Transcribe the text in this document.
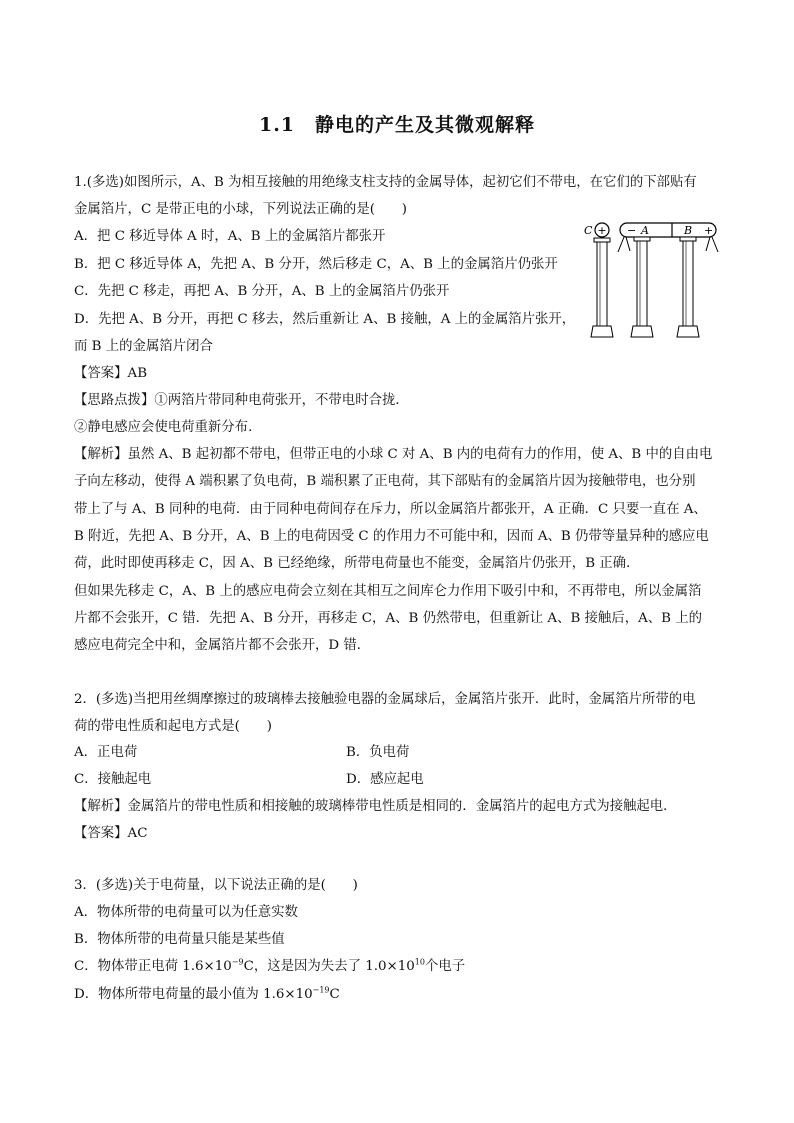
1.1　静电的产生及其微观解释
1.(多选)如图所示，A、B 为相互接触的用绝缘支柱支持的金属导体，起初它们不带电，在它们的下部贴有
金属箔片，C 是带正电的小球，下列说法正确的是(　　)
A．把 C 移近导体 A 时，A、B 上的金属箔片都张开
B．把 C 移近导体 A，先把 A、B 分开，然后移走 C，A、B 上的金属箔片仍张开
C．先把 C 移走，再把 A、B 分开，A、B 上的金属箔片仍张开
D．先把 A、B 分开，再把 C 移去，然后重新让 A、B 接触，A 上的金属箔片张开，
而 B 上的金属箔片闭合
【答案】AB
【思路点拨】①两箔片带同种电荷张开，不带电时合拢．
②静电感应会使电荷重新分布．
【解析】虽然 A、B 起初都不带电，但带正电的小球 C 对 A、B 内的电荷有力的作用，使 A、B 中的自由电
子向左移动，使得 A 端积累了负电荷，B 端积累了正电荷，其下部贴有的金属箔片因为接触带电，也分别
带上了与 A、B 同种的电荷．由于同种电荷间存在斥力，所以金属箔片都张开，A 正确．C 只要一直在 A、
B 附近，先把 A、B 分开，A、B 上的电荷因受 C 的作用力不可能中和，因而 A、B 仍带等量异种的感应电
荷，此时即使再移走 C，因 A、B 已经绝缘，所带电荷量也不能变，金属箔片仍张开，B 正确．
但如果先移走 C，A、B 上的感应电荷会立刻在其相互之间库仑力作用下吸引中和，不再带电，所以金属箔
片都不会张开，C 错．先把 A、B 分开，再移走 C，A、B 仍然带电，但重新让 A、B 接触后，A、B 上的
感应电荷完全中和，金属箔片都不会张开，D 错．
+
C	− A	B +
2．(多选)当把用丝绸摩擦过的玻璃棒去接触验电器的金属球后，金属箔片张开．此时，金属箔片所带的电
荷的带电性质和起电方式是(　　)
A．正电荷	B．负电荷
C．接触起电	D．感应起电
【解析】金属箔片的带电性质和相接触的玻璃棒带电性质是相同的．金属箔片的起电方式为接触起电．
【答案】AC
3．(多选)关于电荷量，以下说法正确的是(　　)
A．物体所带的电荷量可以为任意实数
B．物体所带的电荷量只能是某些值
C．物体带正电荷 $1.6\times 10^{-9}C$，这是因为失去了 $1.0\times 10^{10}$个电子
D．物体所带电荷量的最小值为 $1.6\times 10^{-19}C$
